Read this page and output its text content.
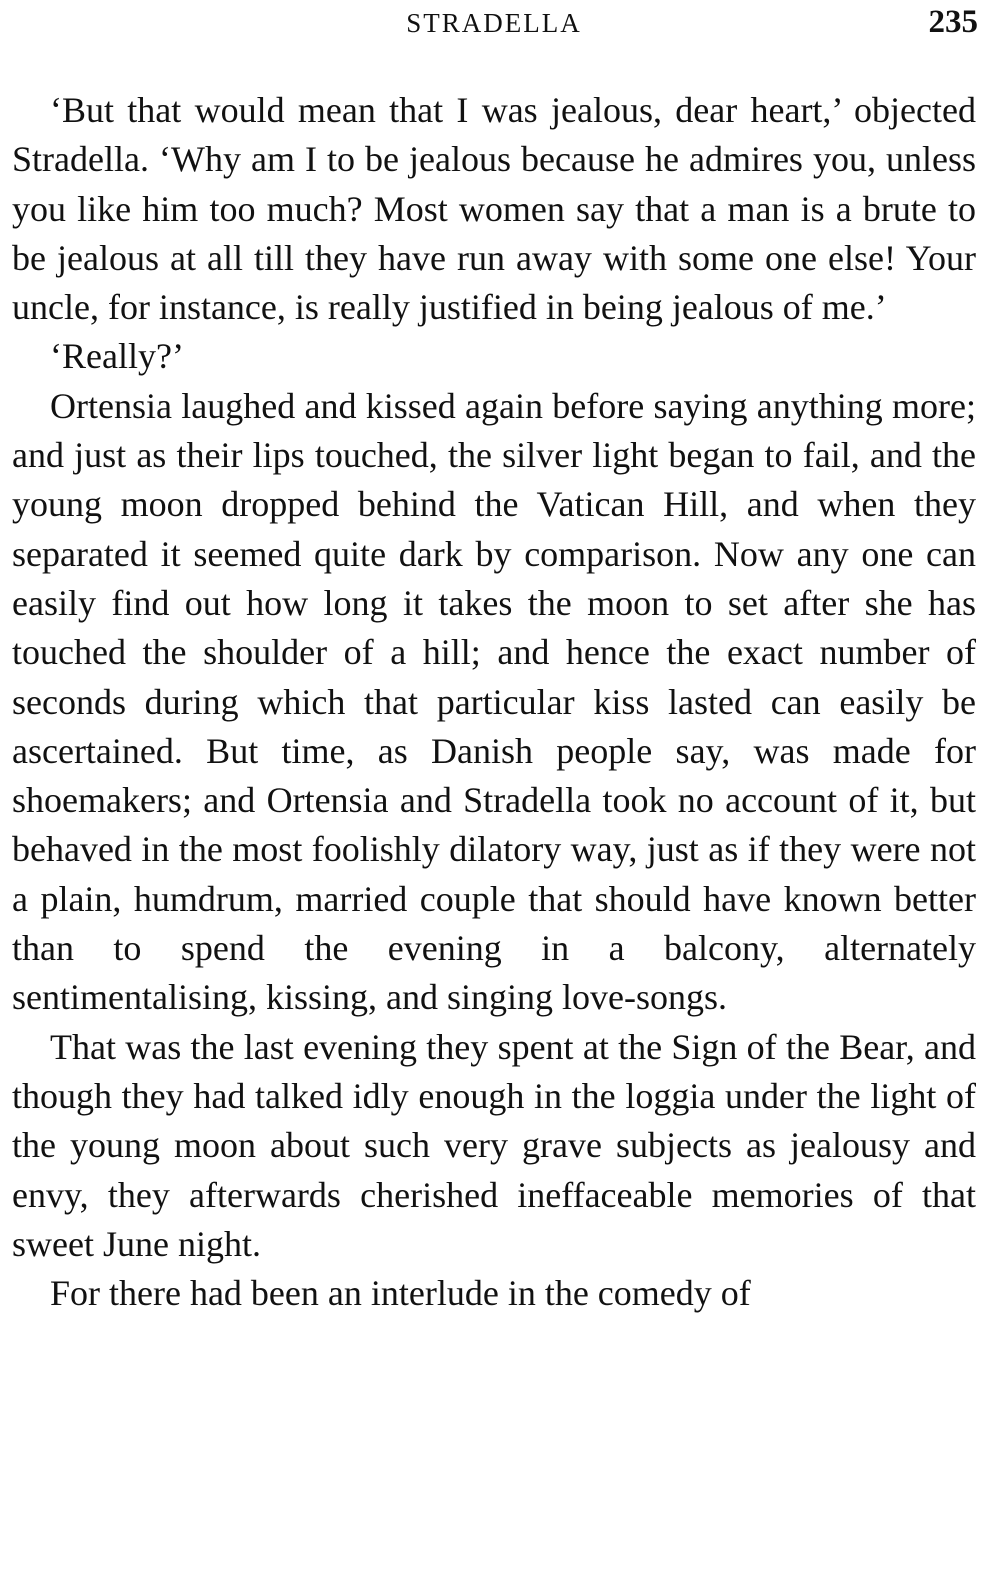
STRADELLA	235

‘But that would mean that I was jealous, dear heart,’ objected Stradella. ‘Why am I to be jealous because he admires you, unless you like him too much? Most women say that a man is a brute to be jealous at all till they have run away with some one else! Your uncle, for instance, is really justified in being jealous of me.’

‘Really?’

Ortensia laughed and kissed again before saying anything more; and just as their lips touched, the silver light began to fail, and the young moon dropped behind the Vatican Hill, and when they separated it seemed quite dark by comparison. Now any one can easily find out how long it takes the moon to set after she has touched the shoulder of a hill; and hence the exact number of seconds during which that particular kiss lasted can easily be ascertained. But time, as Danish people say, was made for shoemakers; and Ortensia and Stradella took no account of it, but behaved in the most foolishly dilatory way, just as if they were not a plain, humdrum, married couple that should have known better than to spend the evening in a balcony, alternately sentimentalising, kissing, and singing love-songs.

That was the last evening they spent at the Sign of the Bear, and though they had talked idly enough in the loggia under the light of the young moon about such very grave subjects as jealousy and envy, they afterwards cherished ineffaceable memories of that sweet June night.

For there had been an interlude in the comedy of
